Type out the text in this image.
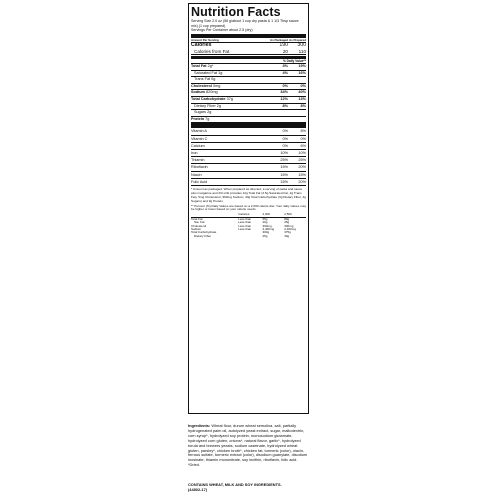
Nutrition Facts
Serving Size 2.0 oz (56 g/about 1 cup dry pasta & 1 1/3 Tbsp sauce mix) (1 cup prepared)
Servings Per Container about 2.5 (dry)
Amount Per Serving	As Packaged As Prepared
Calories	190	300
Calories from Fat	20	110
% Daily Value**
Total Fat 2g*	3%	19%
Saturated Fat 1g	4%	16%
Trans Fat 0g
Cholesterol 0mg	0%	0%
Sodium 820mg	34%	40%
Total Carbohydrate 37g	12%	13%
Dietary Fiber 2g	8%	8%
Sugars 2g
Protein 7g
Vitamin A	0%	8%
Vitamin C	0%	0%
Calcium	0%	6%
Iron	10%	10%
Thiamin	25%	25%
Riboflavin	15%	20%
Niacin	15%	15%
Folic Acid	15%	20%
* Amount as packaged. When prepared as directed, a serving of pasta and sauce plus margarine and 2% milk provides 12g Total Fat (3.5g Saturated Fat, 2g Trans Fat), 5mg Cholesterol, 960mg Sodium, 40g Total Carbohydrate (3g Dietary Fiber, 4g Sugars) and 9g Protein.
** Percent (%) Daily Values are based on a 2,000 calorie diet. Your daily values may be higher or lower based on your calorie needs.
	Calories:	2,000	2,500
Total Fat	Less than	65g	80g
Sat. Fat	Less than	20g	25g
Cholesterol	Less than	300mg	300mg
Sodium	Less than	2,400mg	2,400mg
Total Carbohydrate		300g	375g
Dietary Fiber		25g	30g
Ingredients: Wheat flour, durum wheat semolina, salt, partially hydrogenated palm oil, autolyzed yeast extract, sugar, maltodextrin, corn syrup*, hydrolyzed soy protein, monosodium glutamate, hydrolyzed corn gluten, onions*, natural flavor, garlic*, hydrolyzed torula and brewers yeasts, sodium caseinate, hydrolyzed wheat gluten, parsley*, chicken broth*, chicken fat, turmeric (color), niacin, ferrous sulfate, turmeric extract (color), disodium guanylate, disodium inosinate, thiamin mononitrate, soy lecithin, riboflavin, folic acid.
*Dried.
CONTAINS WHEAT, MILK AND SOY INGREDIENTS.
(44802-17)
